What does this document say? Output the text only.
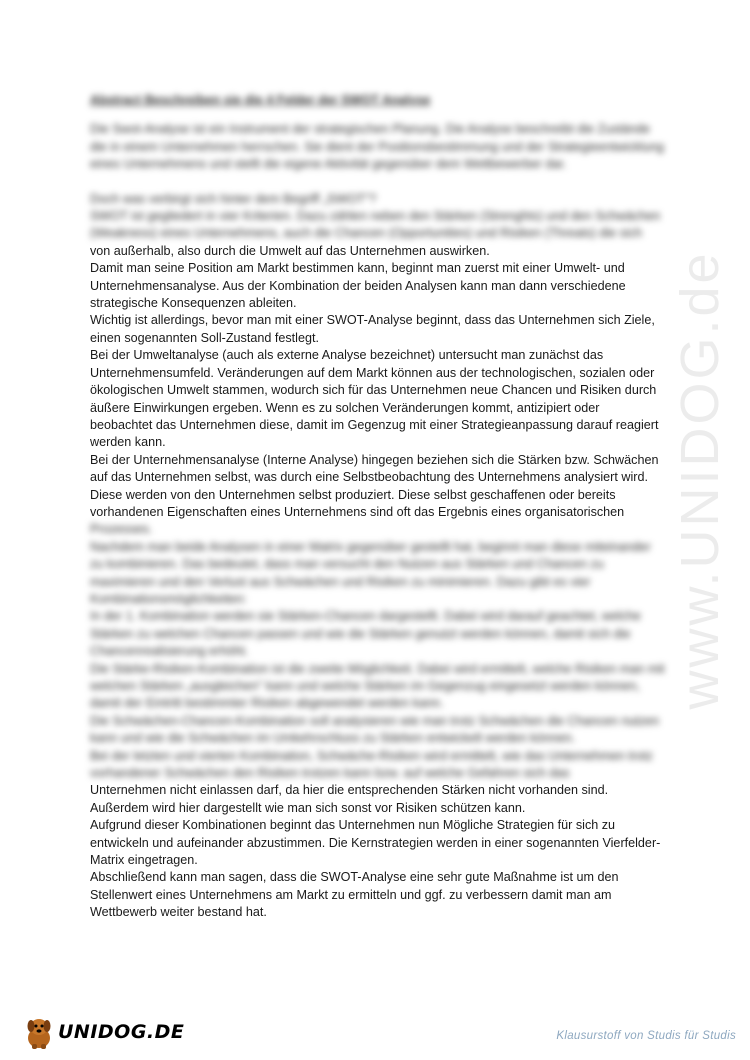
www.UNIDOG.de

Abstract Beschreiben sie die 4 Felder der SWOT Analyse

Die Swot-Analyse ist ein Instrument der strategischen Planung. Die Analyse beschreibt die Zustände die in einem Unternehmen herrschen. Sie dient der Positionsbestimmung und der Strategieentwicklung eines Unternehmens und stellt die eigene Aktivität gegenüber dem Wettbewerber dar.

Doch was verbirgt sich hinter dem Begriff „SWOT"?

SWOT ist gegliedert in vier Kriterien. Dazu zählen neben den Stärken (Strenghts) und den Schwächen (Weakness) eines Unternehmens, auch die Chancen (Opportunities) und Risiken (Threats) die sich

von außerhalb, also durch die Umwelt auf das Unternehmen auswirken.

Damit man seine Position am Markt bestimmen kann, beginnt man zuerst mit einer Umwelt- und Unternehmensanalyse. Aus der Kombination der beiden Analysen kann man dann verschiedene strategische Konsequenzen ableiten.

Wichtig ist allerdings, bevor man mit einer SWOT-Analyse beginnt, dass das Unternehmen sich Ziele, einen sogenannten Soll-Zustand festlegt.

Bei der Umweltanalyse (auch als externe Analyse bezeichnet) untersucht man zunächst das Unternehmensumfeld. Veränderungen auf dem Markt können aus der technologischen, sozialen oder ökologischen Umwelt stammen, wodurch sich für das Unternehmen neue Chancen und Risiken durch äußere Einwirkungen ergeben. Wenn es zu solchen Veränderungen kommt, antizipiert oder beobachtet das Unternehmen diese, damit im Gegenzug mit einer Strategieanpassung darauf reagiert werden kann.

Bei der Unternehmensanalyse (Interne Analyse) hingegen beziehen sich die Stärken bzw. Schwächen auf das Unternehmen selbst, was durch eine Selbstbeobachtung des Unternehmens analysiert wird. Diese werden von den Unternehmen selbst produziert. Diese selbst geschaffenen oder bereits vorhandenen Eigenschaften eines Unternehmens sind oft das Ergebnis eines organisatorischen

Prozesses.

Nachdem man beide Analysen in einer Matrix gegenüber gestellt hat, beginnt man diese miteinander zu kombinieren. Das bedeutet, dass man versucht den Nutzen aus Stärken und Chancen zu maximieren und den Verlust aus Schwächen und Risiken zu minimieren. Dazu gibt es vier Kombinationsmöglichkeiten:

In der 1. Kombination werden sie Stärken-Chancen dargestellt. Dabei wird darauf geachtet, welche Stärken zu welchen Chancen passen und wie die Stärken genutzt werden können, damit sich die Chancenrealisierung erhöht.

Die Stärke-Risiken-Kombination ist die zweite Möglichkeit. Dabei wird ermittelt, welche Risiken man mit welchen Stärken „ausgleichen" kann und welche Stärken im Gegenzug eingesetzt werden können, damit der Eintritt bestimmter Risiken abgewendet werden kann.

Die Schwächen-Chancen-Kombination soll analysieren wie man trotz Schwächen die Chancen nutzen kann und wie die Schwächen im Umkehrschluss zu Stärken entwickelt werden können.

Bei der letzten und vierten Kombination, Schwäche-Risiken wird ermittelt, wie das Unternehmen trotz vorhandener Schwächen den Risiken trotzen kann bzw. auf welche Gefahren sich das

Unternehmen nicht einlassen darf, da hier die entsprechenden Stärken nicht vorhanden sind.

Außerdem wird hier dargestellt wie man sich sonst vor Risiken schützen kann.

Aufgrund dieser Kombinationen beginnt das Unternehmen nun Mögliche Strategien für sich zu entwickeln und aufeinander abzustimmen. Die Kernstrategien werden in einer sogenannten Vierfelder-Matrix eingetragen.

Abschließend kann man sagen, dass die SWOT-Analyse eine sehr gute Maßnahme ist um den Stellenwert eines Unternehmens am Markt zu ermitteln und ggf. zu verbessern damit man am Wettbewerb weiter bestand hat.

UNIDOG.DE	Klausurstoff von Studis für Studis
